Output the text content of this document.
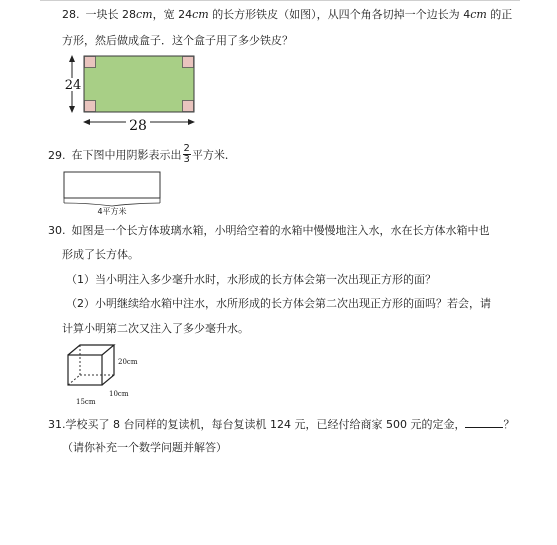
28. 一块长 28cm，宽 24cm 的长方形铁皮（如图），从四个角各切掉一个边长为 4cm 的正
方形，然后做成盒子．这个盒子用了多少铁皮？
24
28
29. 在下图中用阴影表示出 $\frac{2}{3}$ 平方米．
4平方米
30. 如图是一个长方体玻璃水箱，小明给空着的水箱中慢慢地注入水，水在长方体水箱中也
形成了长方体。
（1）当小明注入多少毫升水时，水形成的长方体会第一次出现正方形的面？
（2）小明继续给水箱中注水，水所形成的长方体会第二次出现正方形的面吗？若会，请
计算小明第二次又注入了多少毫升水。
20cm
10cm
15cm
31.学校买了 8 台同样的复读机，每台复读机 124 元，已经付给商家 500 元的定金，	？
（请你补充一个数学问题并解答）
